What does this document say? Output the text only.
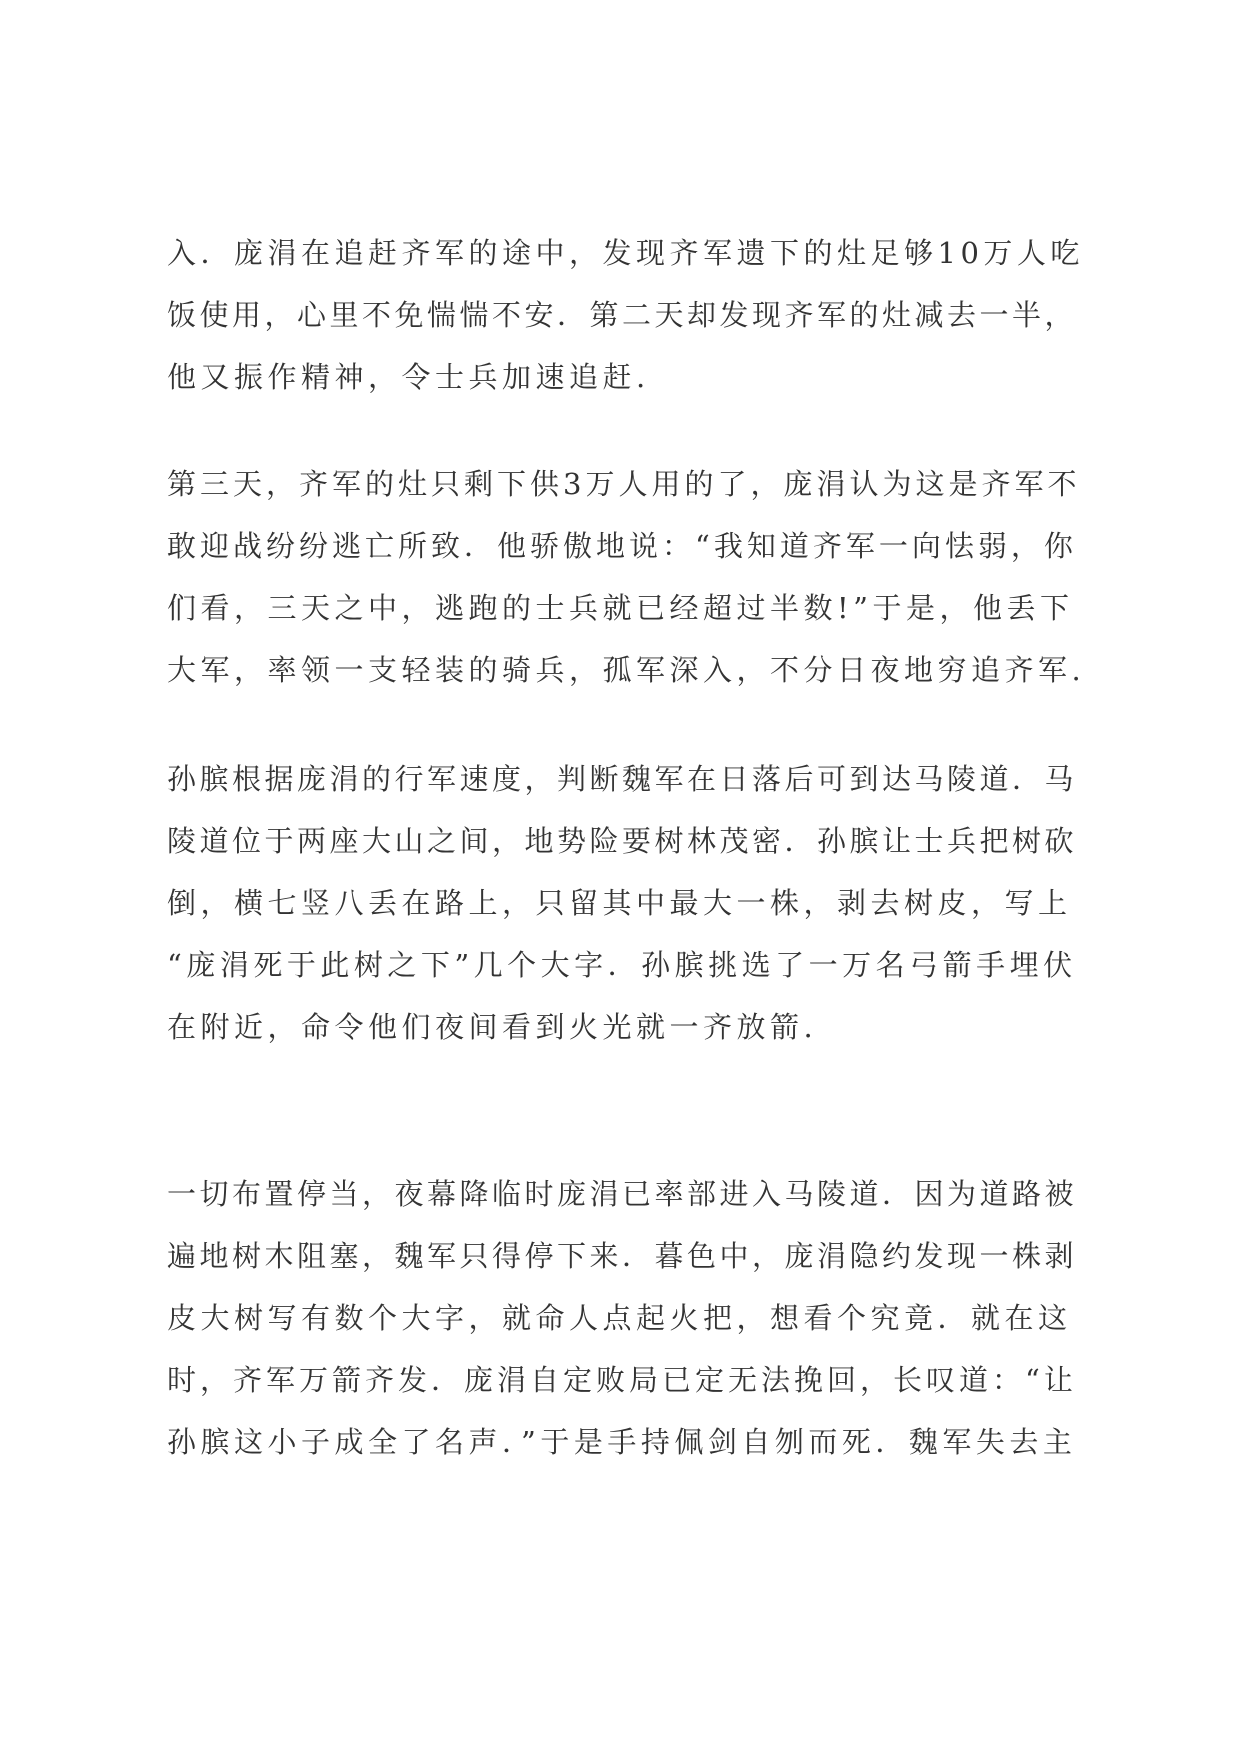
入．庞涓在追赶齐军的途中，发现齐军遗下的灶足够10万人吃
饭使用，心里不免惴惴不安．第二天却发现齐军的灶减去一半，
他又振作精神，令士兵加速追赶.
第三天，齐军的灶只剩下供3万人用的了，庞涓认为这是齐军不
敢迎战纷纷逃亡所致．他骄傲地说：“我知道齐军一向怯弱，你
们看，三天之中，逃跑的士兵就已经超过半数!”于是，他丢下
大军，率领一支轻装的骑兵，孤军深入，不分日夜地穷追齐军.
孙膑根据庞涓的行军速度，判断魏军在日落后可到达马陵道．马
陵道位于两座大山之间，地势险要树林茂密．孙膑让士兵把树砍
倒，横七竖八丢在路上，只留其中最大一株，剥去树皮，写上
“庞涓死于此树之下”几个大字．孙膑挑选了一万名弓箭手埋伏
在附近，命令他们夜间看到火光就一齐放箭.
一切布置停当，夜幕降临时庞涓已率部进入马陵道．因为道路被
遍地树木阻塞，魏军只得停下来．暮色中，庞涓隐约发现一株剥
皮大树写有数个大字，就命人点起火把，想看个究竟．就在这
时，齐军万箭齐发．庞涓自定败局已定无法挽回，长叹道：“让
孙膑这小子成全了名声．”于是手持佩剑自刎而死．魏军失去主
